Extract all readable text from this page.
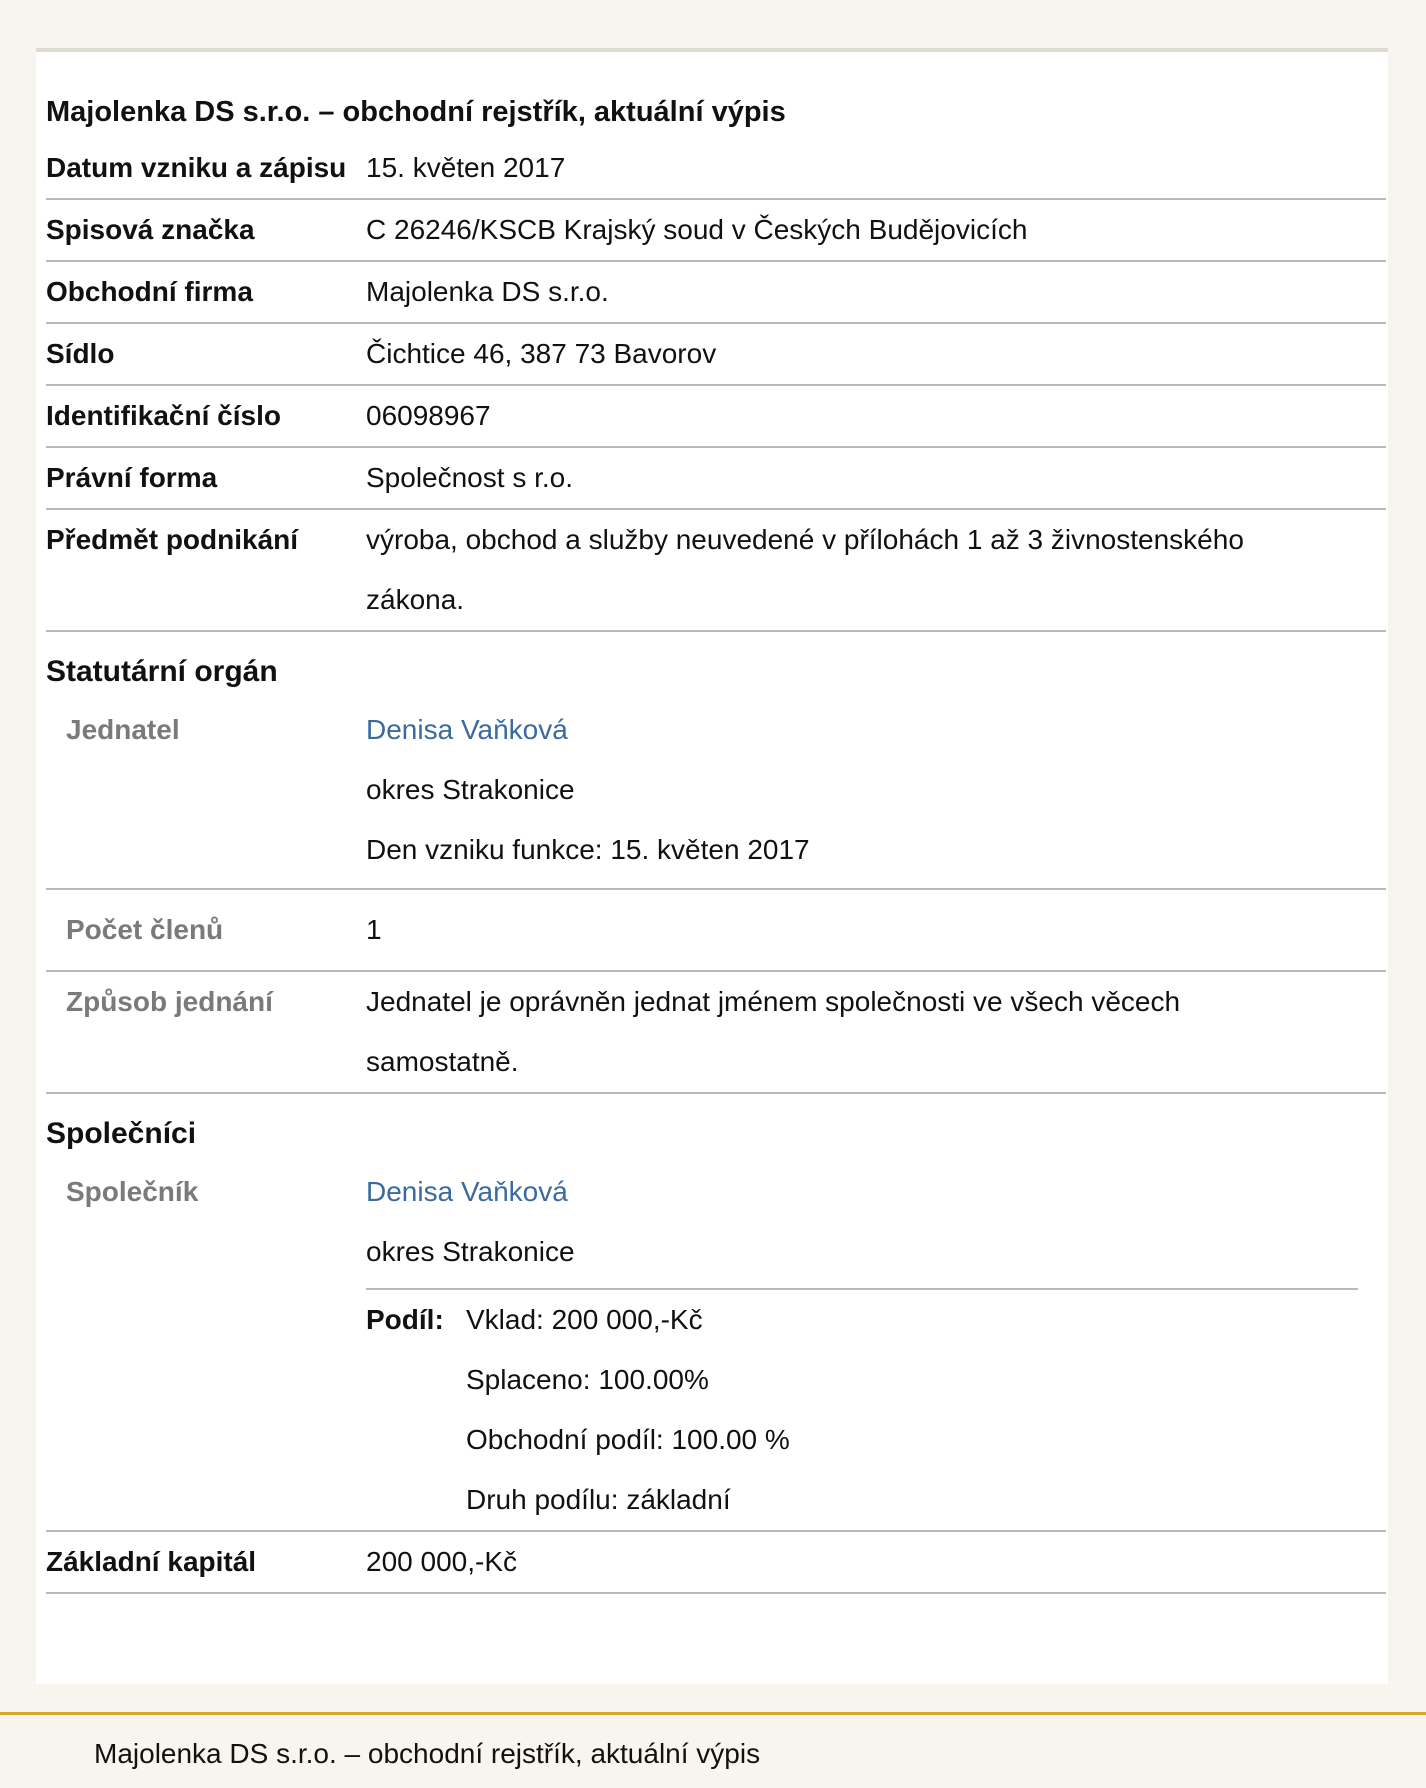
Majolenka DS s.r.o. – obchodní rejstřík, aktuální výpis
Datum vzniku a zápisu 15. květen 2017
Spisová značka	C 26246/KSCB Krajský soud v Českých Budějovicích
Obchodní firma	Majolenka DS s.r.o.
Sídlo	Čichtice 46, 387 73 Bavorov
Identifikační číslo	06098967
Právní forma	Společnost s r.o.
Předmět podnikání	výroba, obchod a služby neuvedené v přílohách 1 až 3 živnostenského zákona.
Statutární orgán
Jednatel	Denisa Vaňková
okres Strakonice
Den vzniku funkce: 15. květen 2017
Počet členů	1
Způsob jednání	Jednatel je oprávněn jednat jménem společnosti ve všech věcech samostatně.
Společníci
Společník	Denisa Vaňková
okres Strakonice
Podíl: Vklad: 200 000,-Kč
Splaceno: 100.00%
Obchodní podíl: 100.00 %
Druh podílu: základní
Základní kapitál	200 000,-Kč
Majolenka DS s.r.o. – obchodní rejstřík, aktuální výpis
